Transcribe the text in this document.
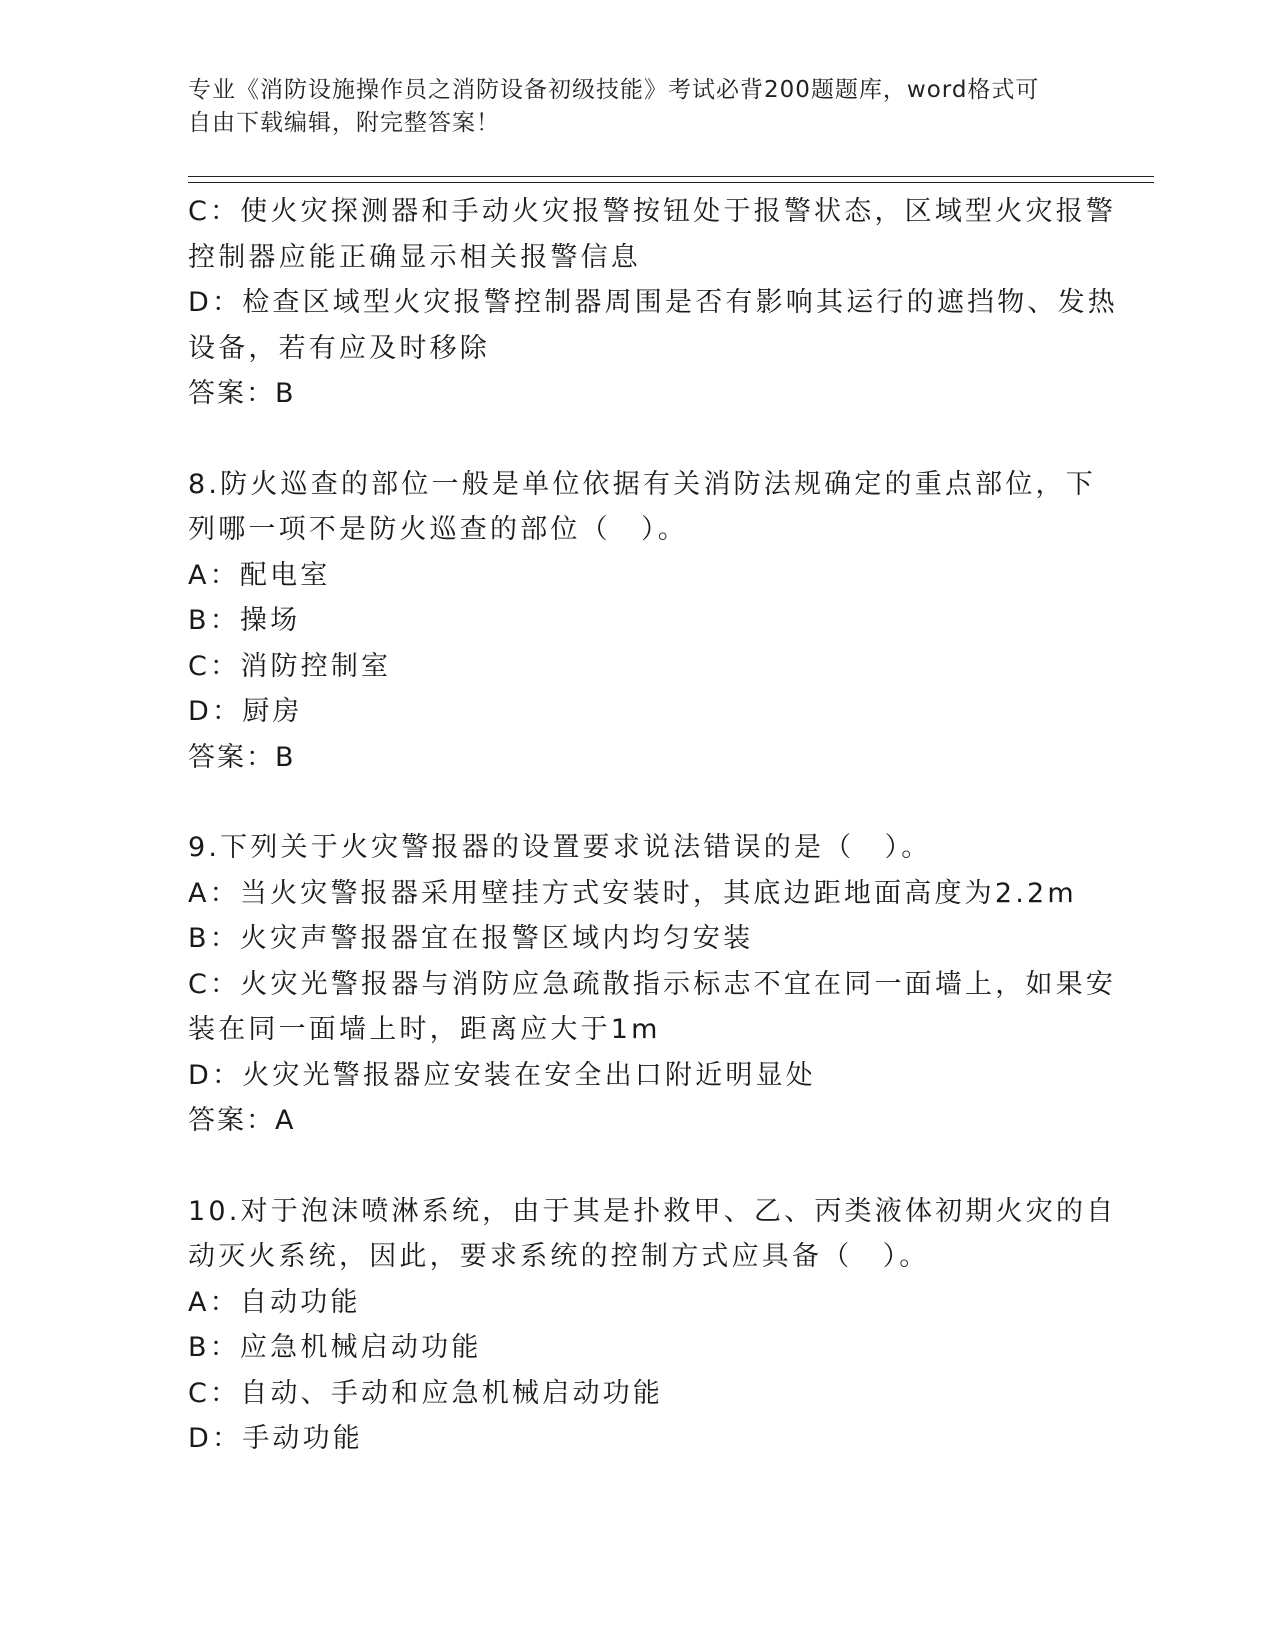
专业《消防设施操作员之消防设备初级技能》考试必背200题题库，word格式可
自由下载编辑，附完整答案！
C：使火灾探测器和手动火灾报警按钮处于报警状态，区域型火灾报警
控制器应能正确显示相关报警信息
D：检查区域型火灾报警控制器周围是否有影响其运行的遮挡物、发热
设备，若有应及时移除
答案：B
8.防火巡查的部位一般是单位依据有关消防法规确定的重点部位，下
列哪一项不是防火巡查的部位（　）。
A：配电室
B：操场
C：消防控制室
D：厨房
答案：B
9.下列关于火灾警报器的设置要求说法错误的是（　）。
A：当火灾警报器采用壁挂方式安装时，其底边距地面高度为2.2m
B：火灾声警报器宜在报警区域内均匀安装
C：火灾光警报器与消防应急疏散指示标志不宜在同一面墙上，如果安
装在同一面墙上时，距离应大于1m
D：火灾光警报器应安装在安全出口附近明显处
答案：A
10.对于泡沫喷淋系统，由于其是扑救甲、乙、丙类液体初期火灾的自
动灭火系统，因此，要求系统的控制方式应具备（　）。
A：自动功能
B：应急机械启动功能
C：自动、手动和应急机械启动功能
D：手动功能
